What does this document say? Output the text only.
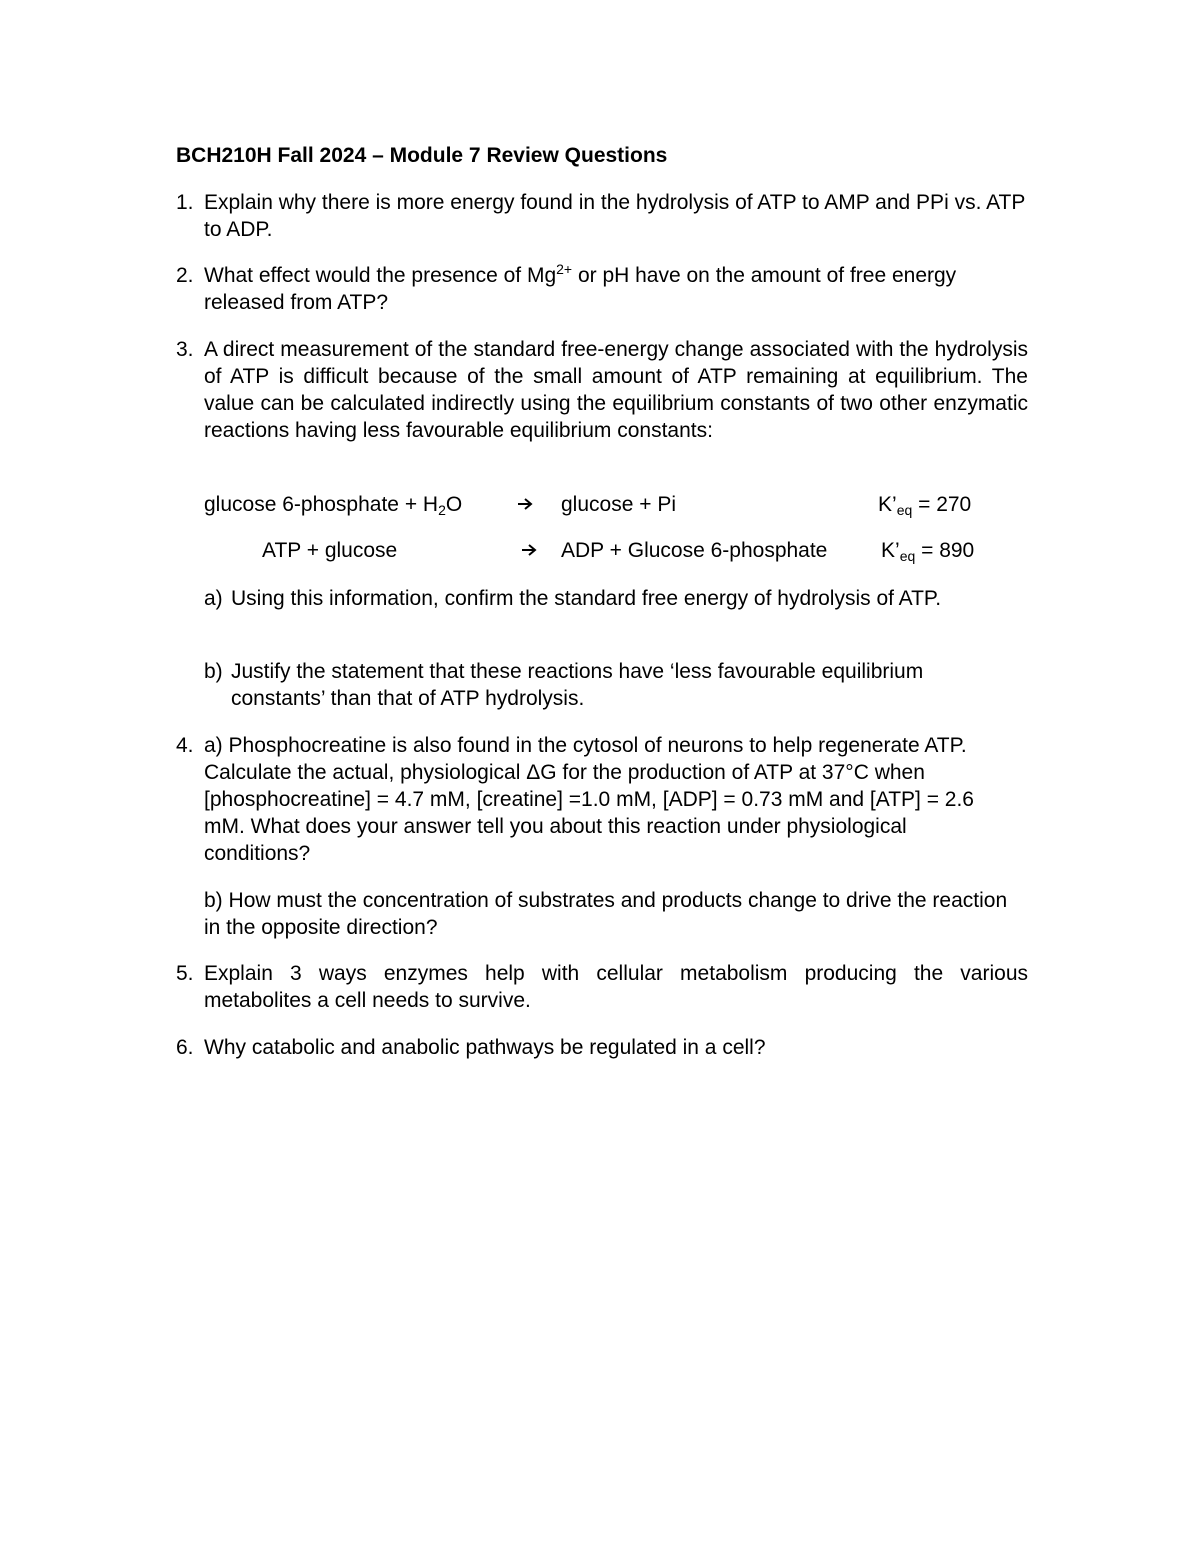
BCH210H Fall 2024 – Module 7 Review Questions
1. Explain why there is more energy found in the hydrolysis of ATP to AMP and PPi vs. ATP to ADP.
2. What effect would the presence of $Mg^{2+}$ or pH have on the amount of free energy released from ATP?
3. A direct measurement of the standard free-energy change associated with the hydrolysis of ATP is difficult because of the small amount of ATP remaining at equilibrium. The value can be calculated indirectly using the equilibrium constants of two other enzymatic reactions having less favourable equilibrium constants:
glucose 6-phosphate + $H_2O$	→ glucose + Pi	$K’_{eq} = 270$
ATP + glucose	→ ADP + Glucose 6-phosphate	$K’_{eq} = 890$
a) Using this information, confirm the standard free energy of hydrolysis of ATP.
b) Justify the statement that these reactions have ‘less favourable equilibrium constants’ than that of ATP hydrolysis.
4. a) Phosphocreatine is also found in the cytosol of neurons to help regenerate ATP. Calculate the actual, physiological ΔG for the production of ATP at 37°C when [phosphocreatine] = 4.7 mM, [creatine] =1.0 mM, [ADP] = 0.73 mM and [ATP] = 2.6 mM. What does your answer tell you about this reaction under physiological conditions?
b) How must the concentration of substrates and products change to drive the reaction in the opposite direction?
5. Explain 3 ways enzymes help with cellular metabolism producing the various metabolites a cell needs to survive.
6. Why catabolic and anabolic pathways be regulated in a cell?
